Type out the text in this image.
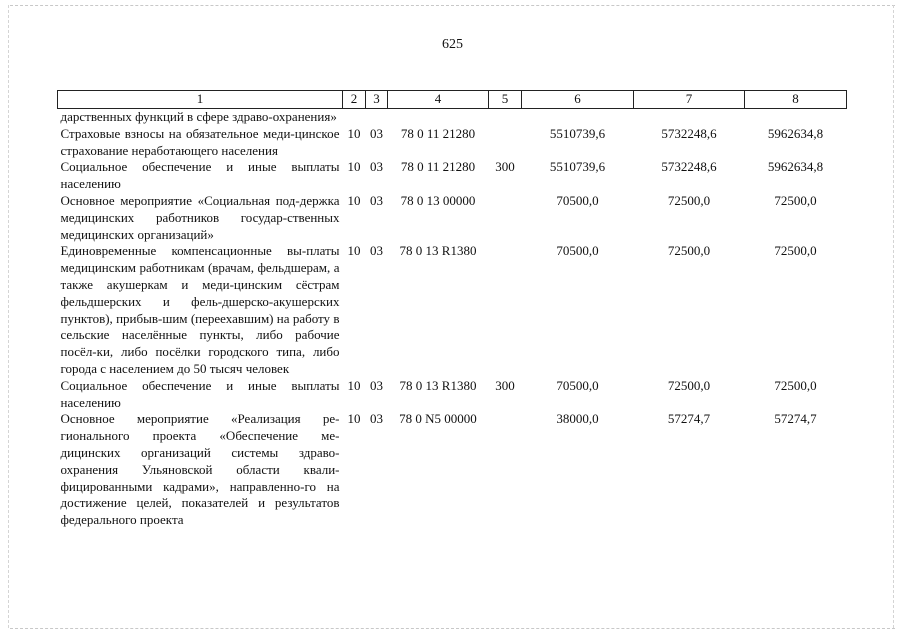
625
1	2	3	4	5	6	7	8
дарственных функций в сфере здраво-охранения»							
Страховые взносы на обязательное меди-цинское страхование неработающего населения	10	03	78 0 11 21280		5510739,6	5732248,6	5962634,8
Социальное обеспечение и иные выплаты населению	10	03	78 0 11 21280	300	5510739,6	5732248,6	5962634,8
Основное мероприятие «Социальная под-держка медицинских работников государ-ственных медицинских организаций»	10	03	78 0 13 00000		70500,0	72500,0	72500,0
Единовременные компенсационные вы-платы медицинским работникам (врачам, фельдшерам, а также акушеркам и меди-цинским сёстрам фельдшерских и фель-дшерско-акушерских пунктов), прибыв-шим (переехавшим) на работу в сельские населённые пункты, либо рабочие посёл-ки, либо посёлки городского типа, либо города с населением до 50 тысяч человек	10	03	78 0 13 R1380		70500,0	72500,0	72500,0
Социальное обеспечение и иные выплаты населению	10	03	78 0 13 R1380	300	70500,0	72500,0	72500,0
Основное мероприятие «Реализация ре-гионального проекта «Обеспечение ме-дицинских организаций системы здраво-охранения Ульяновской области квали-фицированными кадрами», направленно-го на достижение целей, показателей и результатов федерального проекта	10	03	78 0 N5 00000		38000,0	57274,7	57274,7
